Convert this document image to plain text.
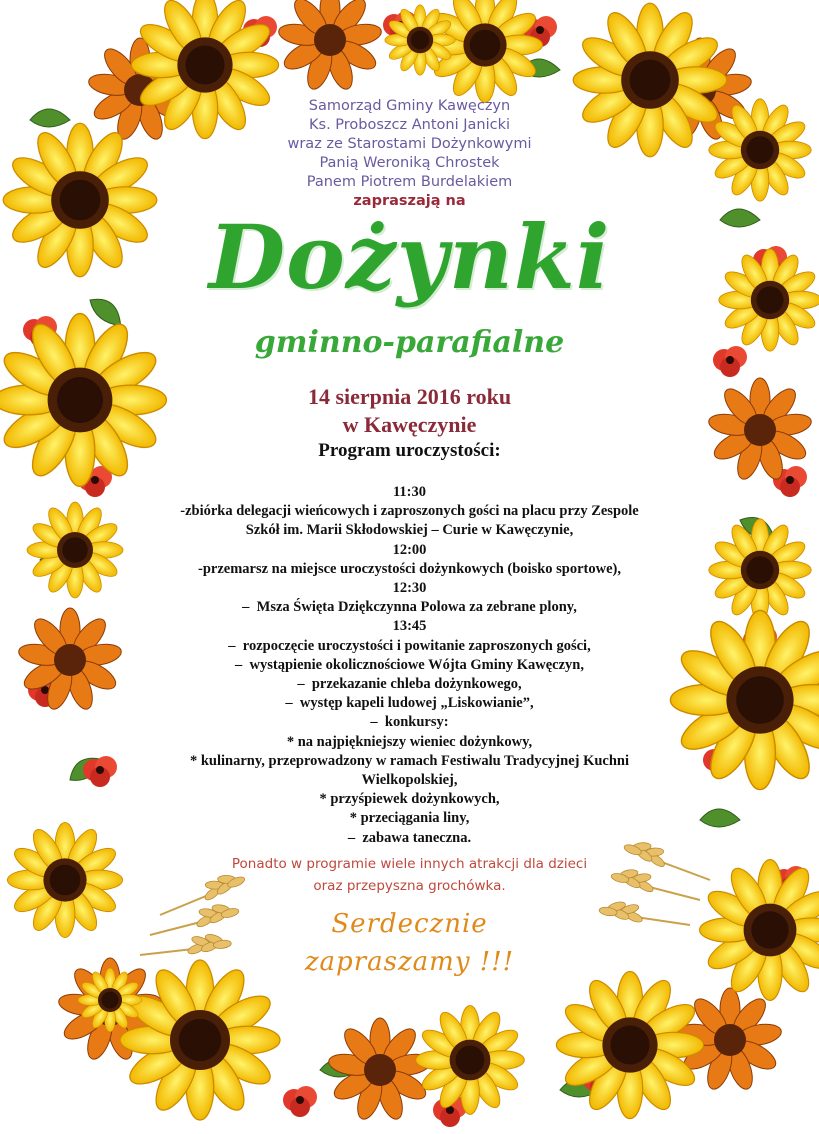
Samorząd Gminy Kawęczyn
Ks. Proboszcz Antoni Janicki
wraz ze Starostami Dożynkowymi
Panią Weroniką Chrostek
Panem Piotrem Burdelakiem
zapraszają na
Dożynki
gminno-parafialne
14 sierpnia 2016 roku
w Kawęczynie
Program uroczystości:
11:30
-zbiórka delegacji wieńcowych i zaproszonych gości na placu przy Zespole
Szkół im. Marii Skłodowskiej – Curie w Kawęczynie,
12:00
-przemarsz na miejsce uroczystości dożynkowych (boisko sportowe),
12:30
–  Msza Święta Dziękczynna Polowa za zebrane plony,
13:45
–  rozpoczęcie uroczystości i powitanie zaproszonych gości,
–  wystąpienie okolicznościowe Wójta Gminy Kawęczyn,
–  przekazanie chleba dożynkowego,
–  występ kapeli ludowej „Liskowianie”,
–  konkursy:
* na najpiękniejszy wieniec dożynkowy,
* kulinarny, przeprowadzony w ramach Festiwalu Tradycyjnej Kuchni
Wielkopolskiej,
* przyśpiewek dożynkowych,
* przeciągania liny,
–  zabawa taneczna.
Ponadto w programie wiele innych atrakcji dla dzieci
oraz przepyszna grochówka.
Serdecznie
zapraszamy !!!
